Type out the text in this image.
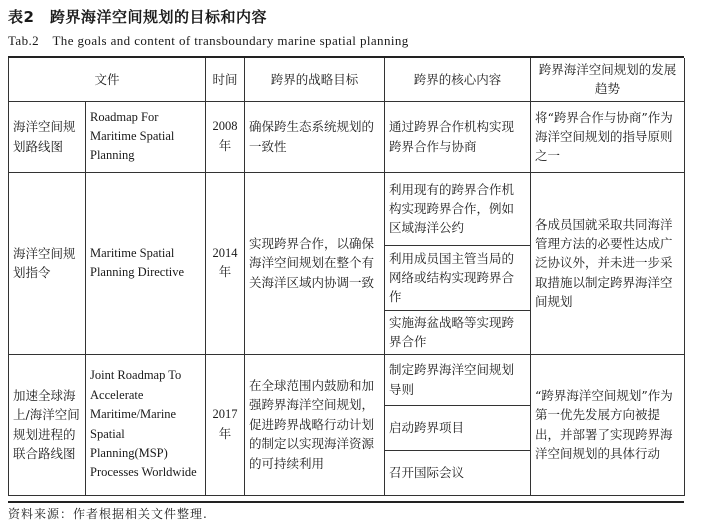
表2　跨界海洋空间规划的目标和内容
Tab.2　The goals and content of transboundary marine spatial planning
文件		时间	跨界的战略目标	跨界的核心内容	跨界海洋空间规划的发展趋势
海洋空间规划路线图	Roadmap For Maritime Spatial Planning	2008年	确保跨生态系统规划的一致性	通过跨界合作机构实现跨界合作与协商	将“跨界合作与协商”作为海洋空间规划的指导原则之一
海洋空间规划指令	Maritime Spatial Planning Directive	2014年	实现跨界合作，以确保海洋空间规划在整个有关海洋区域内协调一致	利用现有的跨界合作机构实现跨界合作，例如区域海洋公约	各成员国就采取共同海洋管理方法的必要性达成广泛协议外，并未进一步采取措施以制定跨界海洋空间规划
				利用成员国主管当局的网络或结构实现跨界合作	
				实施海盆战略等实现跨界合作	
加速全球海上/海洋空间规划进程的联合路线图	Joint Roadmap To Accelerate Maritime/Marine Spatial Planning(MSP) Processes Worldwide	2017年	在全球范围内鼓励和加强跨界海洋空间规划，促进跨界战略行动计划的制定以实现海洋资源的可持续利用	制定跨界海洋空间规划导则	“跨界海洋空间规划”作为第一优先发展方向被提出，并部署了实现跨界海洋空间规划的具体行动
				启动跨界项目	
				召开国际会议	
资料来源：作者根据相关文件整理.
